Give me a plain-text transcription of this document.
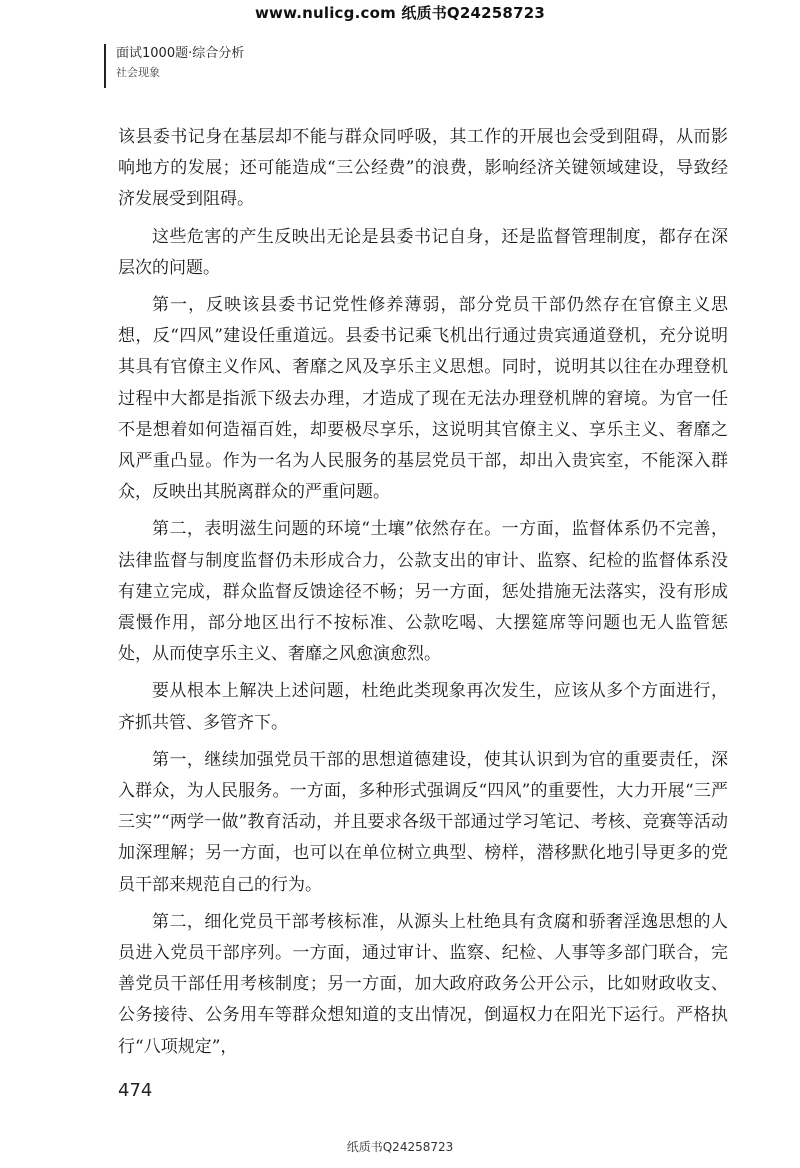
www.nulicg.com 纸质书Q24258723
面试1000题·综合分析
社会现象

该县委书记身在基层却不能与群众同呼吸，其工作的开展也会受到阻碍，从而影响地方的发展；还可能造成“三公经费”的浪费，影响经济关键领域建设，导致经济发展受到阻碍。

这些危害的产生反映出无论是县委书记自身，还是监督管理制度，都存在深层次的问题。

第一，反映该县委书记党性修养薄弱，部分党员干部仍然存在官僚主义思想，反“四风”建设任重道远。县委书记乘飞机出行通过贵宾通道登机，充分说明其具有官僚主义作风、奢靡之风及享乐主义思想。同时，说明其以往在办理登机过程中大都是指派下级去办理，才造成了现在无法办理登机牌的窘境。为官一任不是想着如何造福百姓，却要极尽享乐，这说明其官僚主义、享乐主义、奢靡之风严重凸显。作为一名为人民服务的基层党员干部，却出入贵宾室，不能深入群众，反映出其脱离群众的严重问题。

第二，表明滋生问题的环境“土壤”依然存在。一方面，监督体系仍不完善，法律监督与制度监督仍未形成合力，公款支出的审计、监察、纪检的监督体系没有建立完成，群众监督反馈途径不畅；另一方面，惩处措施无法落实，没有形成震慑作用，部分地区出行不按标准、公款吃喝、大摆筵席等问题也无人监管惩处，从而使享乐主义、奢靡之风愈演愈烈。

要从根本上解决上述问题，杜绝此类现象再次发生，应该从多个方面进行，齐抓共管、多管齐下。

第一，继续加强党员干部的思想道德建设，使其认识到为官的重要责任，深入群众，为人民服务。一方面，多种形式强调反“四风”的重要性，大力开展“三严三实”“两学一做”教育活动，并且要求各级干部通过学习笔记、考核、竞赛等活动加深理解；另一方面，也可以在单位树立典型、榜样，潜移默化地引导更多的党员干部来规范自己的行为。

第二，细化党员干部考核标准，从源头上杜绝具有贪腐和骄奢淫逸思想的人员进入党员干部序列。一方面，通过审计、监察、纪检、人事等多部门联合，完善党员干部任用考核制度；另一方面，加大政府政务公开公示，比如财政收支、公务接待、公务用车等群众想知道的支出情况，倒逼权力在阳光下运行。严格执行“八项规定”，

474
纸质书Q24258723
